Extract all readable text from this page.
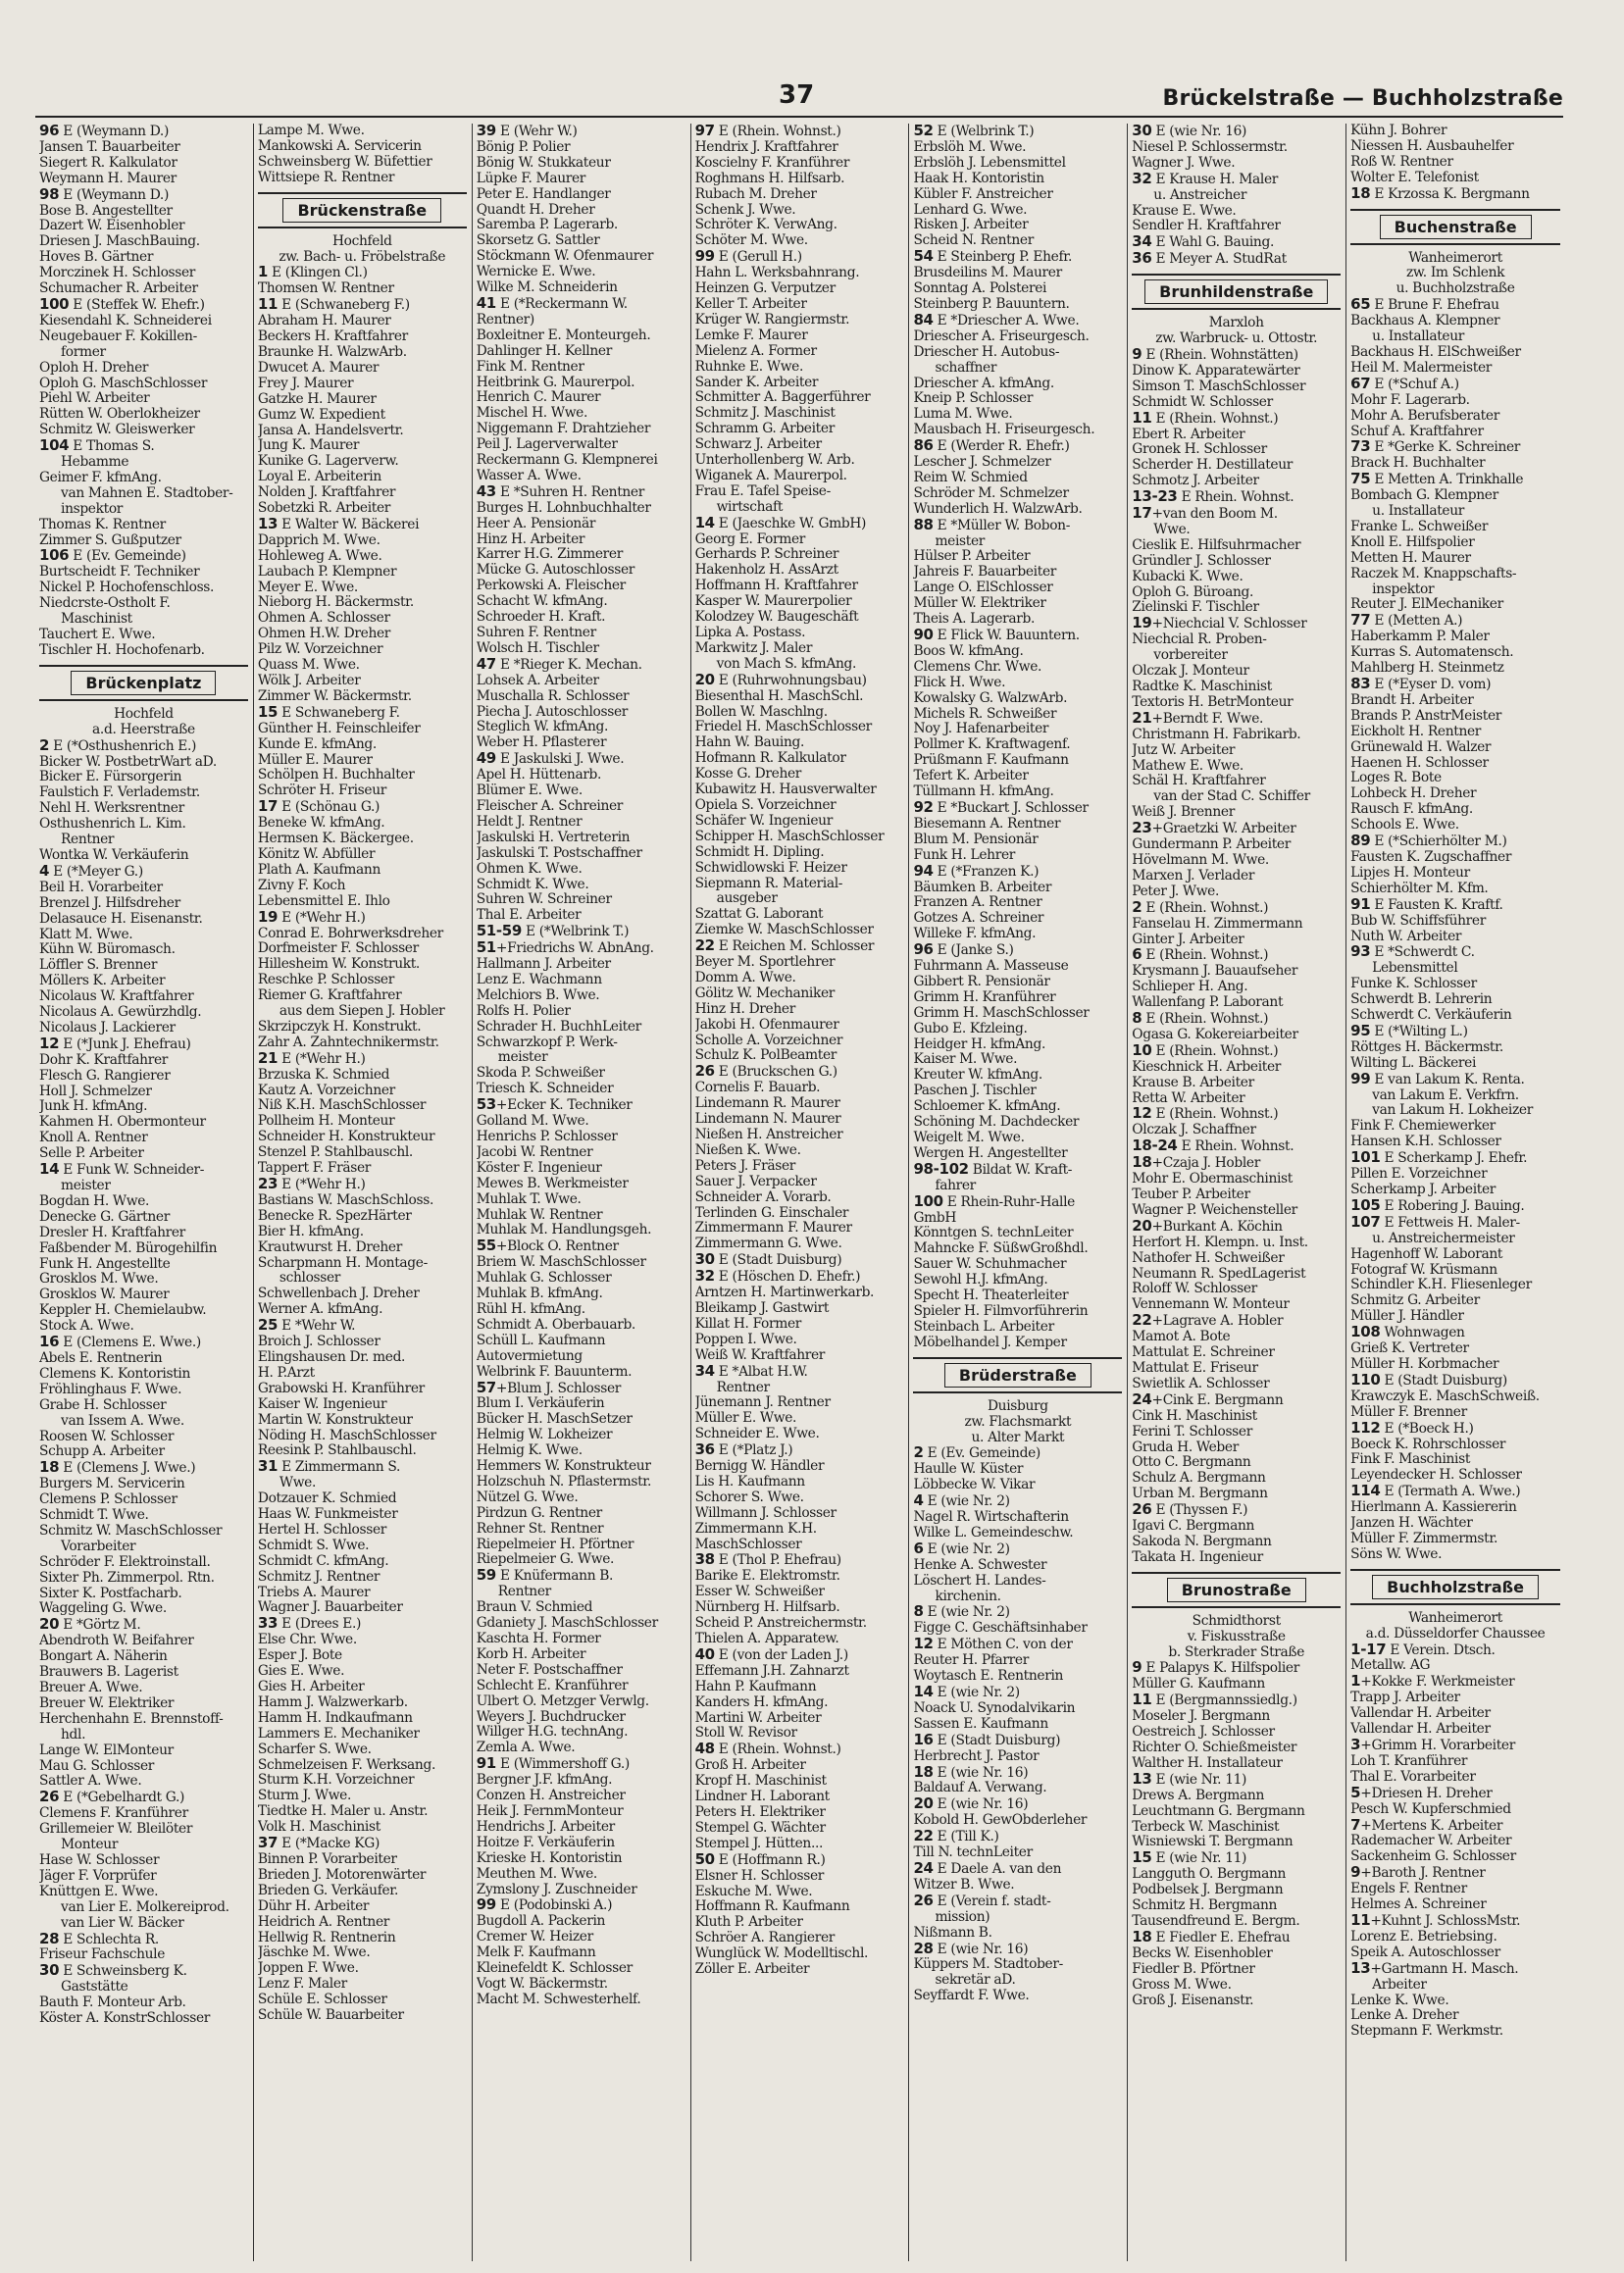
37	Brückelstraße — Buchholzstraße
96 E (Weymann D.)
Jansen T. Bauarbeiter
Siegert R. Kalkulator
Weymann H. Maurer
98 E (Weymann D.)
Bose B. Angestellter
Dazert W. Eisenhobler
Driesen J. MaschBauing.
Hoves B. Gärtner
Morczinek H. Schlosser
Schumacher R. Arbeiter
100 E (Steffek W. Ehefr.)
Kiesendahl K. Schneiderei
Neugebauer F. Kokillen-
former
Oploh H. Dreher
Oploh G. MaschSchlosser
Piehl W. Arbeiter
Rütten W. Oberlokheizer
Schmitz W. Gleiswerker
104 E Thomas S.
Hebamme
Geimer F. kfmAng.
van Mahnen E. Stadtober-
inspektor
Thomas K. Rentner
Zimmer S. Gußputzer
106 E (Ev. Gemeinde)
Burtscheidt F. Techniker
Nickel P. Hochofenschloss.
Niedcrste-Ostholt F.
Maschinist
Tauchert E. Wwe.
Tischler H. Hochofenarb.
Brückenplatz
Hochfeld
a.d. Heerstraße
2 E (*Osthushenrich E.)
Bicker W. PostbetrWart aD.
Bicker E. Fürsorgerin
Faulstich F. Verlademstr.
Nehl H. Werksrentner
Osthushenrich L. Kim.
Rentner
Wontka W. Verkäuferin
4 E (*Meyer G.)
Beil H. Vorarbeiter
Brenzel J. Hilfsdreher
Delasauce H. Eisenanstr.
Klatt M. Wwe.
Kühn W. Büromasch.
Löffler S. Brenner
Möllers K. Arbeiter
Nicolaus W. Kraftfahrer
Nicolaus A. Gewürzhdlg.
Nicolaus J. Lackierer
12 E (*Junk J. Ehefrau)
Dohr K. Kraftfahrer
Flesch G. Rangierer
Holl J. Schmelzer
Junk H. kfmAng.
Kahmen H. Obermonteur
Knoll A. Rentner
Selle P. Arbeiter
14 E Funk W. Schneider-
meister
Bogdan H. Wwe.
Denecke G. Gärtner
Dresler H. Kraftfahrer
Faßbender M. Bürogehilfin
Funk H. Angestellte
Grosklos M. Wwe.
Grosklos W. Maurer
Keppler H. Chemielaubw.
Stock A. Wwe.
16 E (Clemens E. Wwe.)
Abels E. Rentnerin
Clemens K. Kontoristin
Fröhlinghaus F. Wwe.
Grabe H. Schlosser
van Issem A. Wwe.
Roosen W. Schlosser
Schupp A. Arbeiter
18 E (Clemens J. Wwe.)
Burgers M. Servicerin
Clemens P. Schlosser
Schmidt T. Wwe.
Schmitz W. MaschSchlosser
Vorarbeiter
Schröder F. Elektroinstall.
Sixter Ph. Zimmerpol. Rtn.
Sixter K. Postfacharb.
Waggeling G. Wwe.
20 E *Görtz M.
Abendroth W. Beifahrer
Bongart A. Näherin
Brauwers B. Lagerist
Breuer A. Wwe.
Breuer W. Elektriker
Herchenhahn E. Brennstoff-
hdl.
Lange W. ElMonteur
Mau G. Schlosser
Sattler A. Wwe.
26 E (*Gebelhardt G.)
Clemens F. Kranführer
Grillemeier W. Bleilöter
Monteur
Hase W. Schlosser
Jäger F. Vorprüfer
Knüttgen E. Wwe.
van Lier E. Molkereiprod.
van Lier W. Bäcker
28 E Schlechta R.
Friseur Fachschule
30 E Schweinsberg K.
Gaststätte
Bauth F. Monteur Arb.
Köster A. KonstrSchlosser
Lampe M. Wwe.
Mankowski A. Servicerin
Schweinsberg W. Büfettier
Wittsiepe R. Rentner
Brückenstraße
Hochfeld
zw. Bach- u. Fröbelstraße
1 E (Klingen Cl.)
Thomsen W. Rentner
11 E (Schwaneberg F.)
Abraham H. Maurer
Beckers H. Kraftfahrer
Braunke H. WalzwArb.
Dwucet A. Maurer
Frey J. Maurer
Gatzke H. Maurer
Gumz W. Expedient
Jansa A. Handelsvertr.
Jung K. Maurer
Kunike G. Lagerverw.
Loyal E. Arbeiterin
Nolden J. Kraftfahrer
Sobetzki R. Arbeiter
13 E Walter W. Bäckerei
Dapprich M. Wwe.
Hohleweg A. Wwe.
Laubach P. Klempner
Meyer E. Wwe.
Nieborg H. Bäckermstr.
Ohmen A. Schlosser
Ohmen H.W. Dreher
Pilz W. Vorzeichner
Quass M. Wwe.
Wölk J. Arbeiter
Zimmer W. Bäckermstr.
15 E Schwaneberg F.
Günther H. Feinschleifer
Kunde E. kfmAng.
Müller E. Maurer
Schölpen H. Buchhalter
Schröter H. Friseur
17 E (Schönau G.)
Beneke W. kfmAng.
Hermsen K. Bäckergee.
Könitz W. Abfüller
Plath A. Kaufmann
Zivny F. Koch
Lebensmittel E. Ihlo
19 E (*Wehr H.)
Conrad E. Bohrwerksdreher
Dorfmeister F. Schlosser
Hillesheim W. Konstrukt.
Reschke P. Schlosser
Riemer G. Kraftfahrer
aus dem Siepen J. Hobler
Skrzipczyk H. Konstrukt.
Zahr A. Zahntechnikermstr.
21 E (*Wehr H.)
Brzuska K. Schmied
Kautz A. Vorzeichner
Niß K.H. MaschSchlosser
Pollheim H. Monteur
Schneider H. Konstrukteur
Stenzel P. Stahlbauschl.
Tappert F. Fräser
23 E (*Wehr H.)
Bastians W. MaschSchloss.
Benecke R. SpezHärter
Bier H. kfmAng.
Krautwurst H. Dreher
Scharpmann H. Montage-
schlosser
Schwellenbach J. Dreher
Werner A. kfmAng.
25 E *Wehr W.
Broich J. Schlosser
Elingshausen Dr. med.
H. P.Arzt
Grabowski H. Kranführer
Kaiser W. Ingenieur
Martin W. Konstrukteur
Nöding H. MaschSchlosser
Reesink P. Stahlbauschl.
31 E Zimmermann S.
Wwe.
Dotzauer K. Schmied
Haas W. Funkmeister
Hertel H. Schlosser
Schmidt S. Wwe.
Schmidt C. kfmAng.
Schmitz J. Rentner
Triebs A. Maurer
Wagner J. Bauarbeiter
33 E (Drees E.)
Else Chr. Wwe.
Esper J. Bote
Gies E. Wwe.
Gies H. Arbeiter
Hamm J. Walzwerkarb.
Hamm H. Indkaufmann
Lammers E. Mechaniker
Scharfer S. Wwe.
Schmelzeisen F. Werksang.
Sturm K.H. Vorzeichner
Sturm J. Wwe.
Tiedtke H. Maler u. Anstr.
Volk H. Maschinist
37 E (*Macke KG)
Binnen P. Vorarbeiter
Brieden J. Motorenwärter
Brieden G. Verkäufer.
Dühr H. Arbeiter
Heidrich A. Rentner
Hellwig R. Rentnerin
Jäschke M. Wwe.
Joppen F. Wwe.
Lenz F. Maler
Schüle E. Schlosser
Schüle W. Bauarbeiter
39 E (Wehr W.)
Bönig P. Polier
Bönig W. Stukkateur
Lüpke F. Maurer
Peter E. Handlanger
Quandt H. Dreher
Saremba P. Lagerarb.
Skorsetz G. Sattler
Stöckmann W. Ofenmaurer
Wernicke E. Wwe.
Wilke M. Schneiderin
41 E (*Reckermann W.
Rentner)
Boxleitner E. Monteurgeh.
Dahlinger H. Kellner
Fink M. Rentner
Heitbrink G. Maurerpol.
Henrich C. Maurer
Mischel H. Wwe.
Niggemann F. Drahtzieher
Peil J. Lagerverwalter
Reckermann G. Klempnerei
Wasser A. Wwe.
43 E *Suhren H. Rentner
Burges H. Lohnbuchhalter
Heer A. Pensionär
Hinz H. Arbeiter
Karrer H.G. Zimmerer
Mücke G. Autoschlosser
Perkowski A. Fleischer
Schacht W. kfmAng.
Schroeder H. Kraft.
Suhren F. Rentner
Wolsch H. Tischler
47 E *Rieger K. Mechan.
Lohsek A. Arbeiter
Muschalla R. Schlosser
Piecha J. Autoschlosser
Steglich W. kfmAng.
Weber H. Pflasterer
49 E Jaskulski J. Wwe.
Apel H. Hüttenarb.
Blümer E. Wwe.
Fleischer A. Schreiner
Heldt J. Rentner
Jaskulski H. Vertreterin
Jaskulski T. Postschaffner
Ohmen K. Wwe.
Schmidt K. Wwe.
Suhren W. Schreiner
Thal E. Arbeiter
51-59 E (*Welbrink T.)
51+Friedrichs W. AbnAng.
Hallmann J. Arbeiter
Lenz E. Wachmann
Melchiors B. Wwe.
Rolfs H. Polier
Schrader H. BuchhLeiter
Schwarzkopf P. Werk-
meister
Skoda P. Schweißer
Triesch K. Schneider
53+Ecker K. Techniker
Golland M. Wwe.
Henrichs P. Schlosser
Jacobi W. Rentner
Köster F. Ingenieur
Mewes B. Werkmeister
Muhlak T. Wwe.
Muhlak W. Rentner
Muhlak M. Handlungsgeh.
55+Block O. Rentner
Briem W. MaschSchlosser
Muhlak G. Schlosser
Muhlak B. kfmAng.
Rühl H. kfmAng.
Schmidt A. Oberbauarb.
Schüll L. Kaufmann
Autovermietung
Welbrink F. Bauunterm.
57+Blum J. Schlosser
Blum I. Verkäuferin
Bücker H. MaschSetzer
Helmig W. Lokheizer
Helmig K. Wwe.
Hemmers W. Konstrukteur
Holzschuh N. Pflastermstr.
Nützel G. Wwe.
Pirdzun G. Rentner
Rehner St. Rentner
Riepelmeier H. Pförtner
Riepelmeier G. Wwe.
59 E Knüfermann B.
Rentner
Braun V. Schmied
Gdaniety J. MaschSchlosser
Kaschta H. Former
Korb H. Arbeiter
Neter F. Postschaffner
Schlecht E. Kranführer
Ulbert O. Metzger Verwlg.
Weyers J. Buchdrucker
Willger H.G. technAng.
Zemla A. Wwe.
91 E (Wimmershoff G.)
Bergner J.F. kfmAng.
Conzen H. Anstreicher
Heik J. FernmMonteur
Hendrichs J. Arbeiter
Hoitze F. Verkäuferin
Krieske H. Kontoristin
Meuthen M. Wwe.
Zymslony J. Zuschneider
99 E (Podobinski A.)
Bugdoll A. Packerin
Cremer W. Heizer
Melk F. Kaufmann
Kleinefeldt K. Schlosser
Vogt W. Bäckermstr.
Macht M. Schwesterhelf.
97 E (Rhein. Wohnst.)
Hendrix J. Kraftfahrer
Koscielny F. Kranführer
Roghmans H. Hilfsarb.
Rubach M. Dreher
Schenk J. Wwe.
Schröter K. VerwAng.
Schöter M. Wwe.
99 E (Gerull H.)
Hahn L. Werksbahnrang.
Heinzen G. Verputzer
Keller T. Arbeiter
Krüger W. Rangiermstr.
Lemke F. Maurer
Mielenz A. Former
Ruhnke E. Wwe.
Sander K. Arbeiter
Schmitter A. Baggerführer
Schmitz J. Maschinist
Schramm G. Arbeiter
Schwarz J. Arbeiter
Unterhollenberg W. Arb.
Wiganek A. Maurerpol.
Frau E. Tafel Speise-
wirtschaft
14 E (Jaeschke W. GmbH)
Georg E. Former
Gerhards P. Schreiner
Hakenholz H. AssArzt
Hoffmann H. Kraftfahrer
Kasper W. Maurerpolier
Kolodzey W. Baugeschäft
Lipka A. Postass.
Markwitz J. Maler
von Mach S. kfmAng.
20 E (Ruhrwohnungsbau)
Biesenthal H. MaschSchl.
Bollen W. Maschlng.
Friedel H. MaschSchlosser
Hahn W. Bauing.
Hofmann R. Kalkulator
Kosse G. Dreher
Kubawitz H. Hausverwalter
Opiela S. Vorzeichner
Schäfer W. Ingenieur
Schipper H. MaschSchlosser
Schmidt H. Dipling.
Schwidlowski F. Heizer
Siepmann R. Material-
ausgeber
Szattat G. Laborant
Ziemke W. MaschSchlosser
22 E Reichen M. Schlosser
Beyer M. Sportlehrer
Domm A. Wwe.
Gölitz W. Mechaniker
Hinz H. Dreher
Jakobi H. Ofenmaurer
Scholle A. Vorzeichner
Schulz K. PolBeamter
26 E (Bruckschen G.)
Cornelis F. Bauarb.
Lindemann R. Maurer
Lindemann N. Maurer
Nießen H. Anstreicher
Nießen K. Wwe.
Peters J. Fräser
Sauer J. Verpacker
Schneider A. Vorarb.
Terlinden G. Einschaler
Zimmermann F. Maurer
Zimmermann G. Wwe.
30 E (Stadt Duisburg)
32 E (Höschen D. Ehefr.)
Arntzen H. Martinwerkarb.
Bleikamp J. Gastwirt
Killat H. Former
Poppen I. Wwe.
Weiß W. Kraftfahrer
34 E *Albat H.W.
Rentner
Jünemann J. Rentner
Müller E. Wwe.
Schneider E. Wwe.
36 E (*Platz J.)
Bernigg W. Händler
Lis H. Kaufmann
Schorer S. Wwe.
Willmann J. Schlosser
Zimmermann K.H.
MaschSchlosser
38 E (Thol P. Ehefrau)
Barike E. Elektromstr.
Esser W. Schweißer
Nürnberg H. Hilfsarb.
Scheid P. Anstreichermstr.
Thielen A. Apparatew.
40 E (von der Laden J.)
Effemann J.H. Zahnarzt
Hahn P. Kaufmann
Kanders H. kfmAng.
Martini W. Arbeiter
Stoll W. Revisor
48 E (Rhein. Wohnst.)
Groß H. Arbeiter
Kropf H. Maschinist
Lindner H. Laborant
Peters H. Elektriker
Stempel G. Wächter
Stempel J. Hütten...
50 E (Hoffmann R.)
Elsner H. Schlosser
Eskuche M. Wwe.
Hoffmann R. Kaufmann
Kluth P. Arbeiter
Schröer A. Rangierer
Wunglück W. Modelltischl.
Zöller E. Arbeiter
52 E (Welbrink T.)
Erbslöh M. Wwe.
Erbslöh J. Lebensmittel
Haak H. Kontoristin
Kübler F. Anstreicher
Lenhard G. Wwe.
Risken J. Arbeiter
Scheid N. Rentner
54 E Steinberg P. Ehefr.
Brusdeilins M. Maurer
Sonntag A. Polsterei
Steinberg P. Bauuntern.
84 E *Driescher A. Wwe.
Driescher A. Friseurgesch.
Driescher H. Autobus-
schaffner
Driescher A. kfmAng.
Kneip P. Schlosser
Luma M. Wwe.
Mausbach H. Friseurgesch.
86 E (Werder R. Ehefr.)
Lescher J. Schmelzer
Reim W. Schmied
Schröder M. Schmelzer
Wunderlich H. WalzwArb.
88 E *Müller W. Bobon-
meister
Hülser P. Arbeiter
Jahreis F. Bauarbeiter
Lange O. ElSchlosser
Müller W. Elektriker
Theis A. Lagerarb.
90 E Flick W. Bauuntern.
Boos W. kfmAng.
Clemens Chr. Wwe.
Flick H. Wwe.
Kowalsky G. WalzwArb.
Michels R. Schweißer
Noy J. Hafenarbeiter
Pollmer K. Kraftwagenf.
Prüßmann F. Kaufmann
Tefert K. Arbeiter
Tüllmann H. kfmAng.
92 E *Buckart J. Schlosser
Biesemann A. Rentner
Blum M. Pensionär
Funk H. Lehrer
94 E (*Franzen K.)
Bäumken B. Arbeiter
Franzen A. Rentner
Gotzes A. Schreiner
Willeke F. kfmAng.
96 E (Janke S.)
Fuhrmann A. Masseuse
Gibbert R. Pensionär
Grimm H. Kranführer
Grimm H. MaschSchlosser
Gubo E. Kfzleing.
Heidger H. kfmAng.
Kaiser M. Wwe.
Kreuter W. kfmAng.
Paschen J. Tischler
Schloemer K. kfmAng.
Schöning M. Dachdecker
Weigelt M. Wwe.
Wergen H. Angestellter
98-102 Bildat W. Kraft-
fahrer
100 E Rhein-Ruhr-Halle
GmbH
Könntgen S. technLeiter
Mahncke F. SüßwGroßhdl.
Sauer W. Schuhmacher
Sewohl H.J. kfmAng.
Specht H. Theaterleiter
Spieler H. Filmvorführerin
Steinbach L. Arbeiter
Möbelhandel J. Kemper
Brüderstraße
Duisburg
zw. Flachsmarkt
u. Alter Markt
2 E (Ev. Gemeinde)
Haulle W. Küster
Löbbecke W. Vikar
4 E (wie Nr. 2)
Nagel R. Wirtschafterin
Wilke L. Gemeindeschw.
6 E (wie Nr. 2)
Henke A. Schwester
Löschert H. Landes-
kirchenin.
8 E (wie Nr. 2)
Figge C. Geschäftsinhaber
12 E Möthen C. von der
Reuter H. Pfarrer
Woytasch E. Rentnerin
14 E (wie Nr. 2)
Noack U. Synodalvikarin
Sassen E. Kaufmann
16 E (Stadt Duisburg)
Herbrecht J. Pastor
18 E (wie Nr. 16)
Baldauf A. Verwang.
20 E (wie Nr. 16)
Kobold H. GewObderleher
22 E (Till K.)
Till N. technLeiter
24 E Daele A. van den
Witzer B. Wwe.
26 E (Verein f. stadt-
mission)
Nißmann B.
28 E (wie Nr. 16)
Küppers M. Stadtober-
sekretär aD.
Seyffardt F. Wwe.
30 E (wie Nr. 16)
Niesel P. Schlossermstr.
Wagner J. Wwe.
32 E Krause H. Maler
u. Anstreicher
Krause E. Wwe.
Sendler H. Kraftfahrer
34 E Wahl G. Bauing.
36 E Meyer A. StudRat
Brunhildenstraße
Marxloh
zw. Warbruck- u. Ottostr.
9 E (Rhein. Wohnstätten)
Dinow K. Apparatewärter
Simson T. MaschSchlosser
Schmidt W. Schlosser
11 E (Rhein. Wohnst.)
Ebert R. Arbeiter
Gronek H. Schlosser
Scherder H. Destillateur
Schmotz J. Arbeiter
13-23 E Rhein. Wohnst.
17+van den Boom M.
Wwe.
Cieslik E. Hilfsuhrmacher
Gründler J. Schlosser
Kubacki K. Wwe.
Oploh G. Büroang.
Zielinski F. Tischler
19+Niechcial V. Schlosser
Niechcial R. Proben-
vorbereiter
Olczak J. Monteur
Radtke K. Maschinist
Textoris H. BetrMonteur
21+Berndt F. Wwe.
Christmann H. Fabrikarb.
Jutz W. Arbeiter
Mathew E. Wwe.
Schäl H. Kraftfahrer
van der Stad C. Schiffer
Weiß J. Brenner
23+Graetzki W. Arbeiter
Gundermann P. Arbeiter
Hövelmann M. Wwe.
Marxen J. Verlader
Peter J. Wwe.
2 E (Rhein. Wohnst.)
Fanselau H. Zimmermann
Ginter J. Arbeiter
6 E (Rhein. Wohnst.)
Krysmann J. Bauaufseher
Schlieper H. Ang.
Wallenfang P. Laborant
8 E (Rhein. Wohnst.)
Ogasa G. Kokereiarbeiter
10 E (Rhein. Wohnst.)
Kieschnick H. Arbeiter
Krause B. Arbeiter
Retta W. Arbeiter
12 E (Rhein. Wohnst.)
Olczak J. Schaffner
18-24 E Rhein. Wohnst.
18+Czaja J. Hobler
Mohr E. Obermaschinist
Teuber P. Arbeiter
Wagner P. Weichensteller
20+Burkant A. Köchin
Herfort H. Klempn. u. Inst.
Nathofer H. Schweißer
Neumann R. SpedLagerist
Roloff W. Schlosser
Vennemann W. Monteur
22+Lagrave A. Hobler
Mamot A. Bote
Mattulat E. Schreiner
Mattulat E. Friseur
Swietlik A. Schlosser
24+Cink E. Bergmann
Cink H. Maschinist
Ferini T. Schlosser
Gruda H. Weber
Otto C. Bergmann
Schulz A. Bergmann
Urban M. Bergmann
26 E (Thyssen F.)
Igavi C. Bergmann
Sakoda N. Bergmann
Takata H. Ingenieur
Brunostraße
Schmidthorst
v. Fiskusstraße
b. Sterkrader Straße
9 E Palapys K. Hilfspolier
Müller G. Kaufmann
11 E (Bergmannssiedlg.)
Moseler J. Bergmann
Oestreich J. Schlosser
Richter O. Schießmeister
Walther H. Installateur
13 E (wie Nr. 11)
Drews A. Bergmann
Leuchtmann G. Bergmann
Terbeck W. Maschinist
Wisniewski T. Bergmann
15 E (wie Nr. 11)
Langguth O. Bergmann
Podbelsek J. Bergmann
Schmitz H. Bergmann
Tausendfreund E. Bergm.
18 E Fiedler E. Ehefrau
Becks W. Eisenhobler
Fiedler B. Pförtner
Gross M. Wwe.
Groß J. Eisenanstr.
Kühn J. Bohrer
Niessen H. Ausbauhelfer
Roß W. Rentner
Wolter E. Telefonist
18 E Krzossa K. Bergmann
Buchenstraße
Wanheimerort
zw. Im Schlenk
u. Buchholzstraße
65 E Brune F. Ehefrau
Backhaus A. Klempner
u. Installateur
Backhaus H. ElSchweißer
Heil M. Malermeister
67 E (*Schuf A.)
Mohr F. Lagerarb.
Mohr A. Berufsberater
Schuf A. Kraftfahrer
73 E *Gerke K. Schreiner
Brack H. Buchhalter
75 E Metten A. Trinkhalle
Bombach G. Klempner
u. Installateur
Franke L. Schweißer
Knoll E. Hilfspolier
Metten H. Maurer
Raczek M. Knappschafts-
inspektor
Reuter J. ElMechaniker
77 E (Metten A.)
Haberkamm P. Maler
Kurras S. Automatensch.
Mahlberg H. Steinmetz
83 E (*Eyser D. vom)
Brandt H. Arbeiter
Brands P. AnstrMeister
Eickholt H. Rentner
Grünewald H. Walzer
Haenen H. Schlosser
Loges R. Bote
Lohbeck H. Dreher
Rausch F. kfmAng.
Schools E. Wwe.
89 E (*Schierhölter M.)
Fausten K. Zugschaffner
Lipjes H. Monteur
Schierhölter M. Kfm.
91 E Fausten K. Kraftf.
Bub W. Schiffsführer
Nuth W. Arbeiter
93 E *Schwerdt C.
Lebensmittel
Funke K. Schlosser
Schwerdt B. Lehrerin
Schwerdt C. Verkäuferin
95 E (*Wilting L.)
Röttges H. Bäckermstr.
Wilting L. Bäckerei
99 E van Lakum K. Renta.
van Lakum E. Verkfrn.
van Lakum H. Lokheizer
Fink F. Chemiewerker
Hansen K.H. Schlosser
101 E Scherkamp J. Ehefr.
Pillen E. Vorzeichner
Scherkamp J. Arbeiter
105 E Robering J. Bauing.
107 E Fettweis H. Maler-
u. Anstreichermeister
Hagenhoff W. Laborant
Fotograf W. Krüsmann
Schindler K.H. Fliesenleger
Schmitz G. Arbeiter
Müller J. Händler
108 Wohnwagen
Grieß K. Vertreter
Müller H. Korbmacher
110 E (Stadt Duisburg)
Krawczyk E. MaschSchweiß.
Müller F. Brenner
112 E (*Boeck H.)
Boeck K. Rohrschlosser
Fink F. Maschinist
Leyendecker H. Schlosser
114 E (Termath A. Wwe.)
Hierlmann A. Kassiererin
Janzen H. Wächter
Müller F. Zimmermstr.
Söns W. Wwe.
Buchholzstraße
Wanheimerort
a.d. Düsseldorfer Chaussee
1-17 E Verein. Dtsch.
Metallw. AG
1+Kokke F. Werkmeister
Trapp J. Arbeiter
Vallendar H. Arbeiter
Vallendar H. Arbeiter
3+Grimm H. Vorarbeiter
Loh T. Kranführer
Thal E. Vorarbeiter
5+Driesen H. Dreher
Pesch W. Kupferschmied
7+Mertens K. Arbeiter
Rademacher W. Arbeiter
Sackenheim G. Schlosser
9+Baroth J. Rentner
Engels F. Rentner
Helmes A. Schreiner
11+Kuhnt J. SchlossMstr.
Lorenz E. Betriebsing.
Speik A. Autoschlosser
13+Gartmann H. Masch.
Arbeiter
Lenke K. Wwe.
Lenke A. Dreher
Stepmann F. Werkmstr.
